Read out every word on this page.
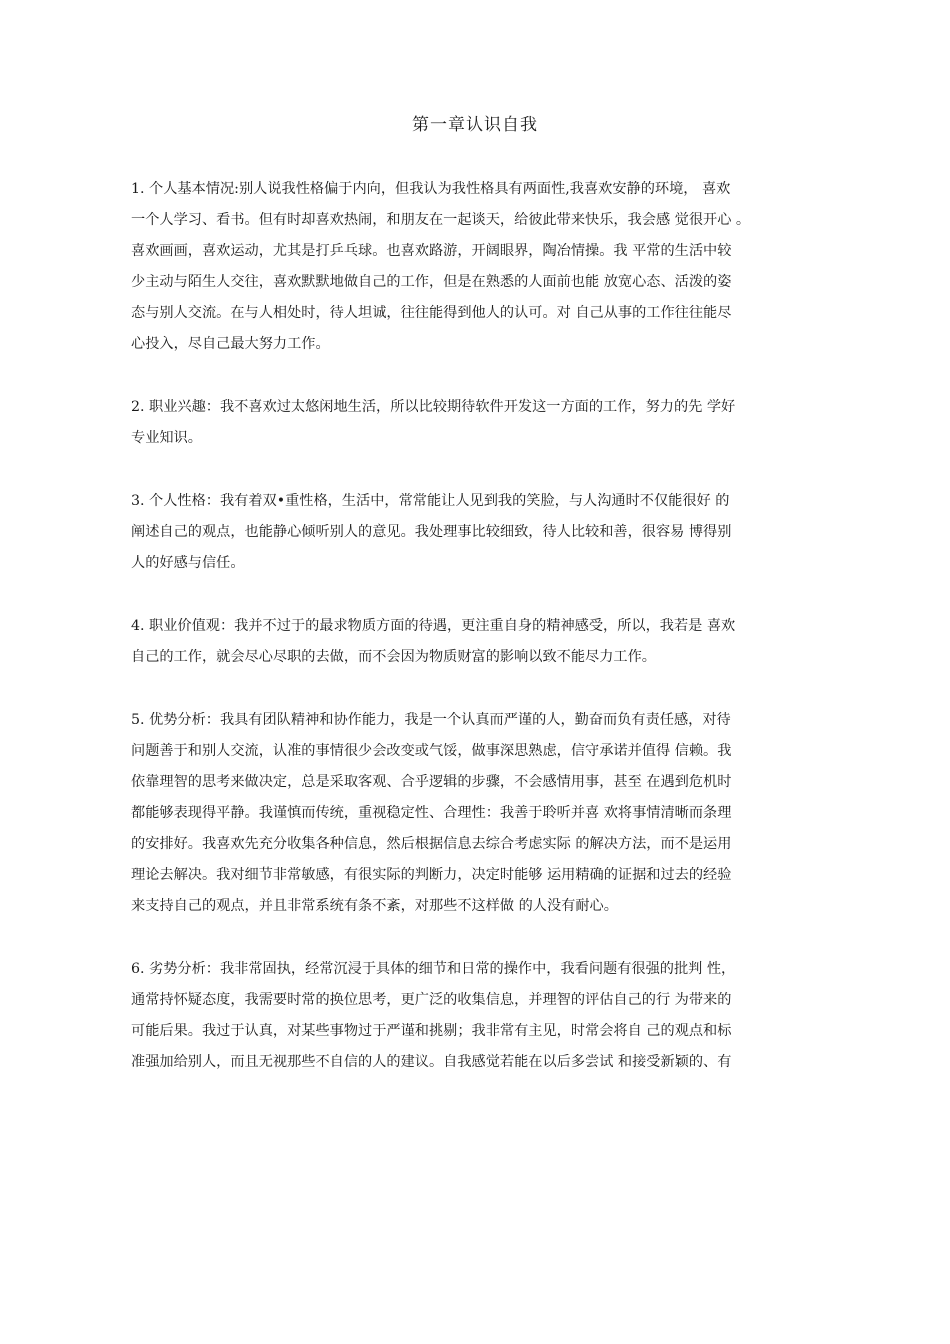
第一章认识自我

1. 个人基本情况:别人说我性格偏于内向，但我认为我性格具有两面性,我喜欢安静的环境， 喜欢
一个人学习、看书。但有时却喜欢热闹，和朋友在一起谈天，给彼此带来快乐，我会感 觉很开心 。
喜欢画画，喜欢运动，尤其是打乒乓球。也喜欢路游，开阔眼界，陶冶情操。我 平常的生活中较
少主动与陌生人交往，喜欢默默地做自己的工作，但是在熟悉的人面前也能 放宽心态、活泼的姿
态与别人交流。在与人相处时，待人坦诚，往往能得到他人的认可。对 自己从事的工作往往能尽
心投入，尽自己最大努力工作。

2. 职业兴趣：我不喜欢过太悠闲地生活，所以比较期待软件开发这一方面的工作，努力的先 学好
专业知识。

3. 个人性格：我有着双•重性格，生活中，常常能让人见到我的笑脸，与人沟通时不仅能很好 的
阐述自己的观点，也能静心倾听别人的意见。我处理事比较细致，待人比较和善，很容易 博得别
人的好感与信任。

4. 职业价值观：我并不过于的最求物质方面的待遇，更注重自身的精神感受，所以，我若是 喜欢
自己的工作，就会尽心尽职的去做，而不会因为物质财富的影响以致不能尽力工作。

5. 优势分析：我具有团队精神和协作能力，我是一个认真而严谨的人，勤奋而负有责任感，对待
问题善于和别人交流，认准的事情很少会改变或气馁，做事深思熟虑，信守承诺并值得 信赖。我
依靠理智的思考来做决定，总是采取客观、合乎逻辑的步骤，不会感情用事，甚至 在遇到危机时
都能够表现得平静。我谨慎而传统，重视稳定性、合理性：我善于聆听并喜 欢将事情清晰而条理
的安排好。我喜欢先充分收集各种信息，然后根据信息去综合考虑实际 的解决方法，而不是运用
理论去解决。我对细节非常敏感，有很实际的判断力，决定时能够 运用精确的证据和过去的经验
来支持自己的观点，并且非常系统有条不紊，对那些不这样做 的人没有耐心。

6. 劣势分析：我非常固执，经常沉浸于具体的细节和日常的操作中，我看问题有很强的批判 性，
通常持怀疑态度，我需要时常的换位思考，更广泛的收集信息，并理智的评估自己的行 为带来的
可能后果。我过于认真，对某些事物过于严谨和挑剔；我非常有主见，时常会将自 己的观点和标
准强加给别人，而且无视那些不自信的人的建议。自我感觉若能在以后多尝试 和接受新颖的、有
